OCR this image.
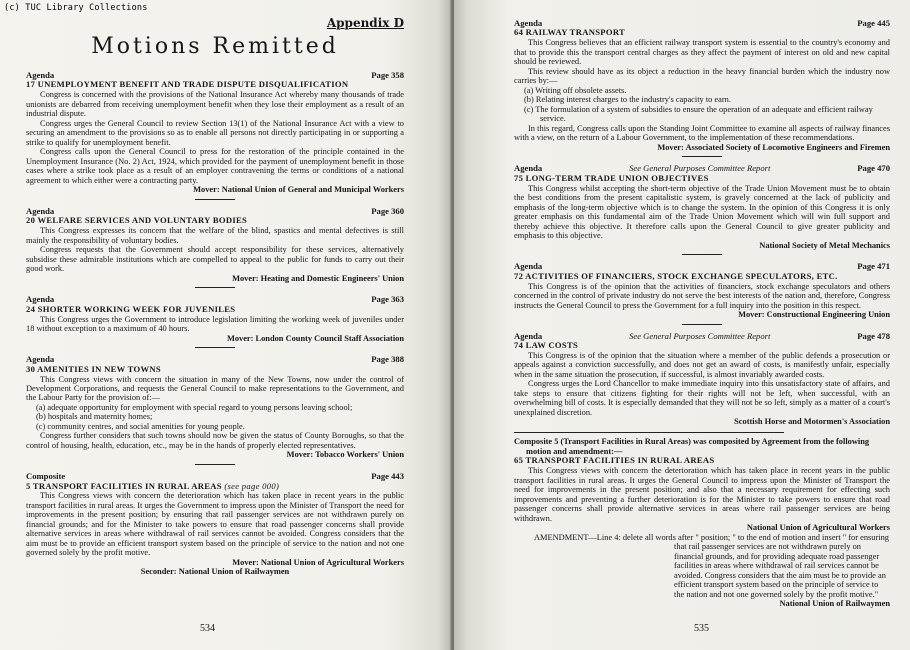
(c) TUC Library Collections
Appendix D
Motions Remitted
Agenda	Page 358
17 UNEMPLOYMENT BENEFIT AND TRADE DISPUTE DISQUALIFICATION

Congress is concerned with the provisions of the National Insurance Act whereby many thousands of trade unionists are debarred from receiving unemployment benefit when they lose their employment as a result of an industrial dispute.

Congress urges the General Council to review Section 13(1) of the National Insurance Act with a view to securing an amendment to the provisions so as to enable all persons not directly participating in or supporting a strike to qualify for unemployment benefit.

Congress calls upon the General Council to press for the restoration of the principle contained in the Unemployment Insurance (No. 2) Act, 1924, which provided for the payment of unemployment benefit in those cases where a strike took place as a result of an employer contravening the terms or conditions of a national agreement to which either were a contracting party.

Mover: National Union of General and Municipal Workers
Agenda	Page 360
20 WELFARE SERVICES AND VOLUNTARY BODIES

This Congress expresses its concern that the welfare of the blind, spastics and mental defectives is still mainly the responsibility of voluntary bodies.

Congress requests that the Government should accept responsibility for these services, alternatively subsidise these admirable institutions which are compelled to appeal to the public for funds to carry out their good work.

Mover: Heating and Domestic Engineers' Union
Agenda	Page 363
24 SHORTER WORKING WEEK FOR JUVENILES

This Congress urges the Government to introduce legislation limiting the working week of juveniles under 18 without exception to a maximum of 40 hours.

Mover: London County Council Staff Association
Agenda	Page 388
30 AMENITIES IN NEW TOWNS

This Congress views with concern the situation in many of the New Towns, now under the control of Development Corporations, and requests the General Council to make representations to the Government, and the Labour Party for the provision of:—

(a) adequate opportunity for employment with special regard to young persons leaving school;
(b) hospitals and maternity homes;
(c) community centres, and social amenities for young people.

Congress further considers that such towns should now be given the status of County Boroughs, so that the control of housing, health, education, etc., may be in the hands of properly elected representatives.

Mover: Tobacco Workers' Union
Composite	Page 443
5 TRANSPORT FACILITIES IN RURAL AREAS (see page 000)

This Congress views with concern the deterioration which has taken place in recent years in the public transport facilities in rural areas. It urges the Government to impress upon the Minister of Transport the need for improvements in the present position; by ensuring that rail passenger services are not withdrawn purely on financial grounds; and for the Minister to take powers to ensure that road passenger concerns shall provide alternative services in areas where withdrawal of rail services cannot be avoided. Congress considers that the aim must be to provide an efficient transport system based on the principle of service to the nation and not one governed solely by the profit motive.

Mover: National Union of Agricultural Workers
Seconder: National Union of Railwaymen
534
Agenda	Page 445
64 RAILWAY TRANSPORT

This Congress believes that an efficient railway transport system is essential to the country's economy and that to provide this the transport central charges as they affect the payment of interest on old and new capital should be reviewed.

This review should have as its object a reduction in the heavy financial burden which the industry now carries by:—

(a) Writing off obsolete assets.
(b) Relating interest charges to the industry's capacity to earn.
(c) The formulation of a system of subsidies to ensure the operation of an adequate and efficient railway service.

In this regard, Congress calls upon the Standing Joint Committee to examine all aspects of railway finances with a view, on the return of a Labour Government, to the implementation of these recommendations.

Mover: Associated Society of Locomotive Engineers and Firemen
Agenda	See General Purposes Committee Report	Page 470
75 LONG-TERM TRADE UNION OBJECTIVES

This Congress whilst accepting the short-term objective of the Trade Union Movement must be to obtain the best conditions from the present capitalistic system, is gravely concerned at the lack of publicity and emphasis of the long-term objective which is to change the system. In the opinion of this Congress it is only greater emphasis on this fundamental aim of the Trade Union Movement which will win full support and thereby achieve this objective. It therefore calls upon the General Council to give greater publicity and emphasis to this objective.

National Society of Metal Mechanics
Agenda	Page 471
72 ACTIVITIES OF FINANCIERS, STOCK EXCHANGE SPECULATORS, ETC.

This Congress is of the opinion that the activities of financiers, stock exchange speculators and others concerned in the control of private industry do not serve the best interests of the nation and, therefore, Congress instructs the General Council to press the Government for a full inquiry into the position in this respect.

Mover: Constructional Engineering Union
Agenda	See General Purposes Committee Report	Page 478
74 LAW COSTS

This Congress is of the opinion that the situation where a member of the public defends a prosecution or appeals against a conviction successfully, and does not get an award of costs, is manifestly unfair, especially when in the same situation the prosecution, if successful, is almost invariably awarded costs.

Congress urges the Lord Chancellor to make immediate inquiry into this unsatisfactory state of affairs, and take steps to ensure that citizens fighting for their rights will not be left, when successful, with an overwhelming bill of costs. It is especially demanded that they will not be so left, simply as a matter of a court's unexplained discretion.

Scottish Horse and Motormen's Association
Composite 5 (Transport Facilities in Rural Areas) was composited by Agreement from the following motion and amendment:—
65 TRANSPORT FACILITIES IN RURAL AREAS

This Congress views with concern the deterioration which has taken place in recent years in the public transport facilities in rural areas. It urges the General Council to impress upon the Minister of Transport the need for improvements in the present position; and also that a necessary requirement for effecting such improvements and preventing a further deterioration is for the Minister to take powers to ensure that road passenger concerns shall provide alternative services in areas where rail passenger services are being withdrawn.

National Union of Agricultural Workers
AMENDMENT—Line 4: delete all words after " position; " to the end of motion and insert " for ensuring that rail passenger services are not withdrawn purely on financial grounds, and for providing adequate road passenger facilities in areas where withdrawal of rail services cannot be avoided. Congress considers that the aim must be to provide an efficient transport system based on the principle of service to the nation and not one governed solely by the profit motive."
National Union of Railwaymen
535
